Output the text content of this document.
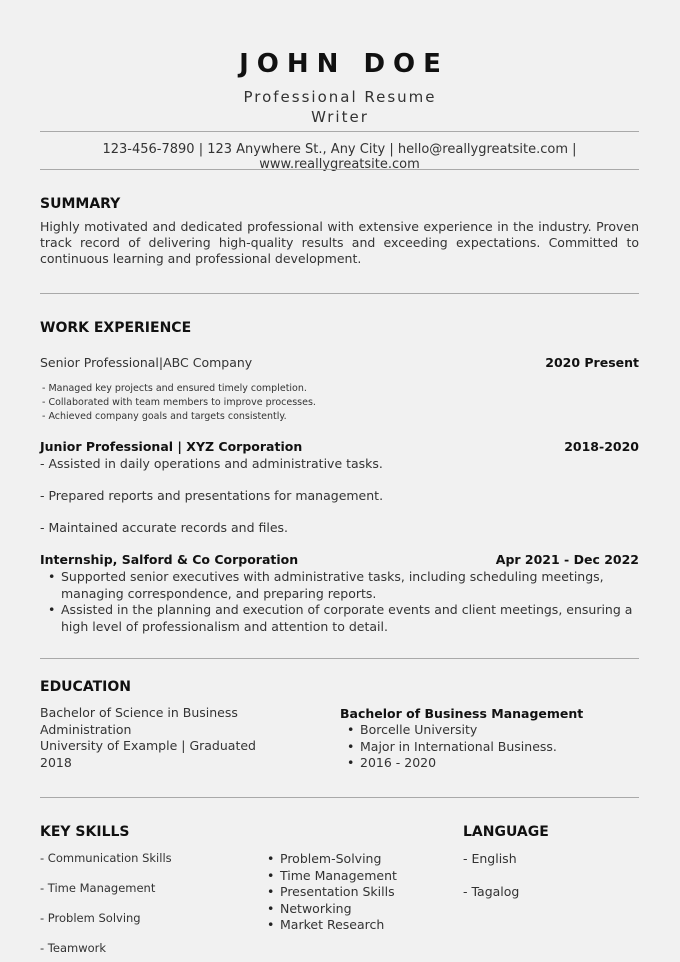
JOHN DOE
Professional Resume
Writer
123-456-7890 | 123 Anywhere St., Any City | hello@reallygreatsite.com | www.reallygreatsite.com
SUMMARY
Highly motivated and dedicated professional with extensive experience in the industry. Proven track record of delivering high-quality results and exceeding expectations. Committed to continuous learning and professional development.
WORK EXPERIENCE
Senior Professional|ABC Company	2020 Present
- Managed key projects and ensured timely completion.
- Collaborated with team members to improve processes.
- Achieved company goals and targets consistently.
Junior Professional | XYZ Corporation	2018-2020
- Assisted in daily operations and administrative tasks.
- Prepared reports and presentations for management.
- Maintained accurate records and files.
Internship, Salford & Co Corporation	Apr 2021 - Dec 2022
• Supported senior executives with administrative tasks, including scheduling meetings, managing correspondence, and preparing reports.
• Assisted in the planning and execution of corporate events and client meetings, ensuring a high level of professionalism and attention to detail.
EDUCATION
Bachelor of Science in Business Administration
University of Example | Graduated 2018
Bachelor of Business Management
• Borcelle University
• Major in International Business.
• 2016 - 2020
KEY SKILLS
- Communication Skills
- Time Management
- Problem Solving
- Teamwork
• Problem-Solving
• Time Management
• Presentation Skills
• Networking
• Market Research
LANGUAGE
- English
- Tagalog
